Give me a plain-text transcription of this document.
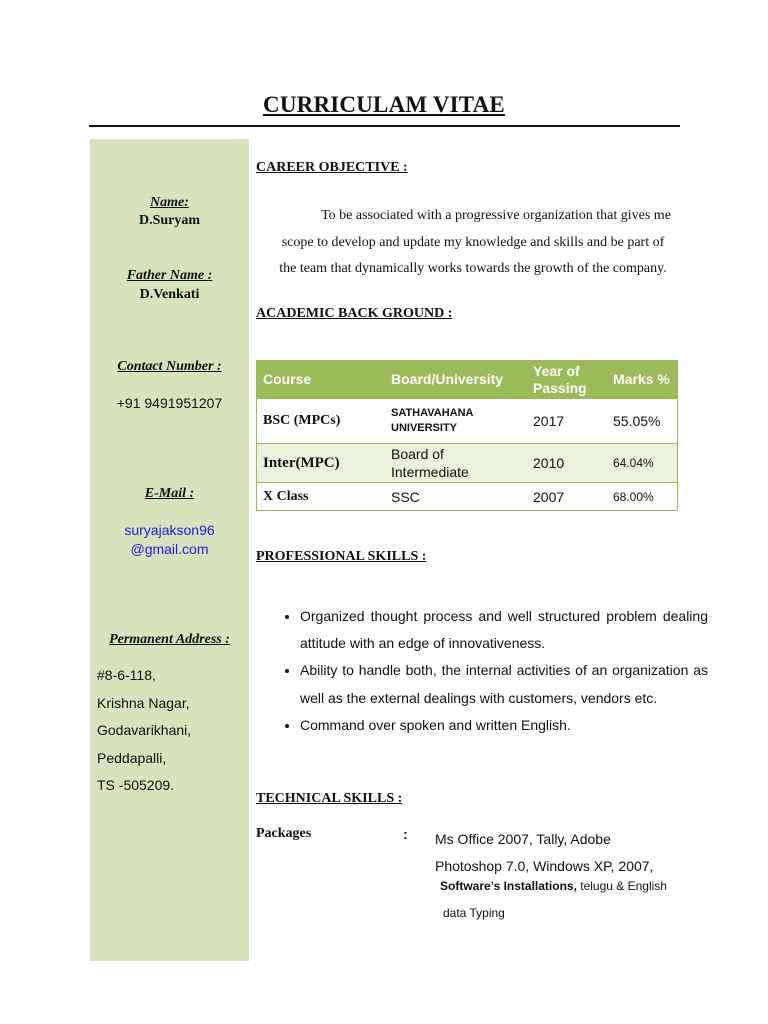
CURRICULAM VITAE
Name:
D.Suryam
Father Name :
D.Venkati
Contact Number :
+91 9491951207
E-Mail :
suryajakson96
@gmail.com
Permanent Address :
#8-6-118,
Krishna Nagar,
Godavarikhani,
Peddapalli,
TS -505209.
CAREER OBJECTIVE :
To be associated with a progressive organization that gives me
scope to develop and update my knowledge and skills and be part of
the team that dynamically works towards the growth of the company.
ACADEMIC BACK GROUND :
Course	Board/University	Year of Passing	Marks %
BSC (MPCs)	SATHAVAHANA UNIVERSITY	2017	55.05%
Inter(MPC)	Board of Intermediate	2010	64.04%
X Class	SSC	2007	68.00%
PROFESSIONAL SKILLS :
• Organized thought process and well structured problem dealing attitude with an edge of innovativeness.
• Ability to handle both, the internal activities of an organization as well as the external dealings with customers, vendors etc.
• Command over spoken and written English.
TECHNICAL SKILLS :
Packages	: Ms Office 2007, Tally, Adobe
Photoshop 7.0, Windows XP, 2007,
Software’s Installations, telugu & English
data Typing
